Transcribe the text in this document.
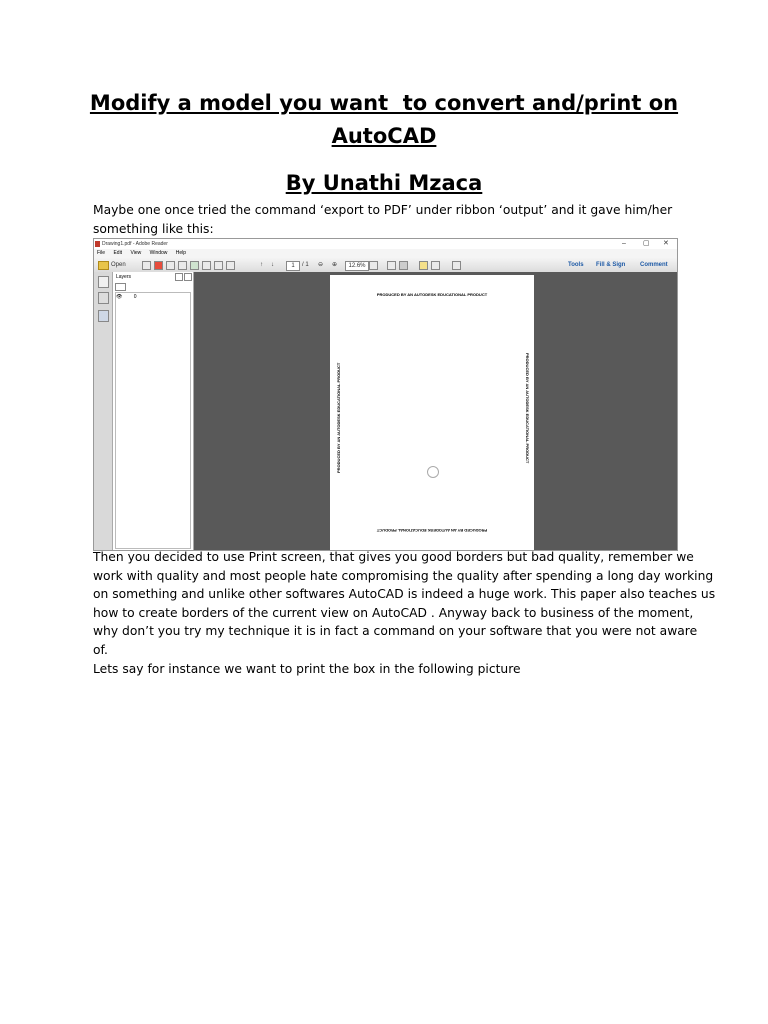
Modify a model you want  to convert and/print on
AutoCAD
By Unathi Mzaca
Maybe one once tried the command ‘export to PDF’ under ribbon ‘output’ and it gave him/her
something like this:
Drawing1.pdf - Adobe Reader	– ▢ ✕
File Edit View Window Help
Open	↑ ↓	1	/ 1 ⊖ ⊕	12.6%	Tools Fill & Sign Comment
Layers
👁 0	PRODUCED BY AN AUTODESK EDUCATIONAL PRODUCT
PRODUCED BY AN AUTODESK EDUCATIONAL PRODUCT
PRODUCED BY AN AUTODESK EDUCATIONAL PRODUCT	PRODUCED BY AN AUTODESK EDUCATIONAL PRODUCT
Then you decided to use Print screen, that gives you good borders but bad quality, remember we
work with quality and most people hate compromising the quality after spending a long day working
on something and unlike other softwares AutoCAD is indeed a huge work. This paper also teaches us
how to create borders of the current view on AutoCAD . Anyway back to business of the moment,
why don’t you try my technique it is in fact a command on your software that you were not aware
of.
Lets say for instance we want to print the box in the following picture
